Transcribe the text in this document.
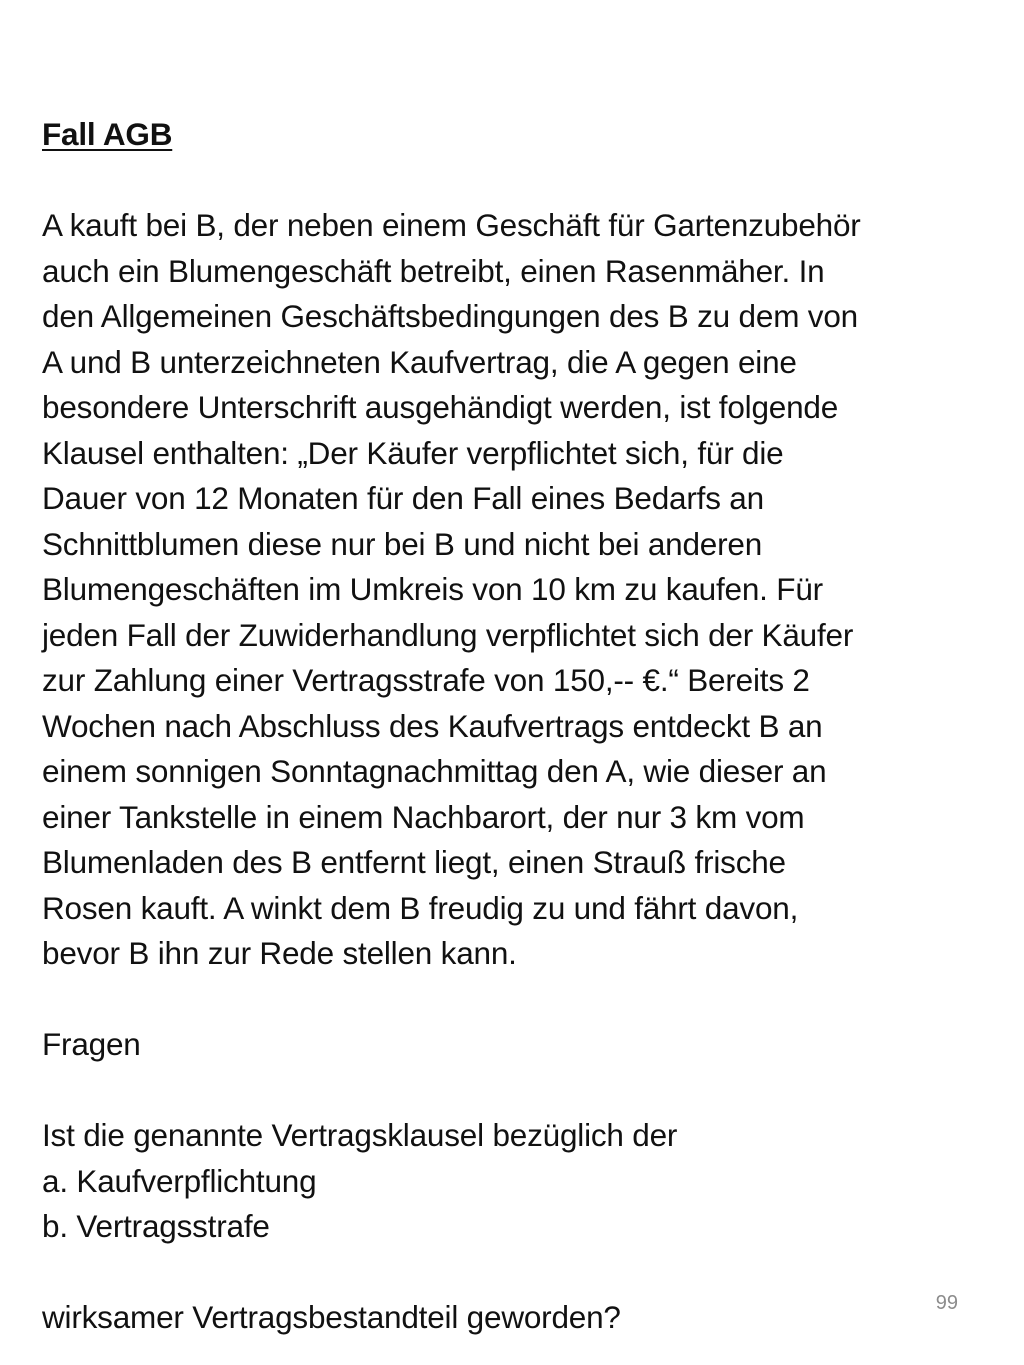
Fall AGB
A kauft bei B, der neben einem Geschäft für Gartenzubehör
auch ein Blumengeschäft betreibt, einen Rasenmäher. In
den Allgemeinen Geschäftsbedingungen des B zu dem von
A und B unterzeichneten Kaufvertrag, die A gegen eine
besondere Unterschrift ausgehändigt werden, ist folgende
Klausel enthalten: „Der Käufer verpflichtet sich, für die
Dauer von 12 Monaten für den Fall eines Bedarfs an
Schnittblumen diese nur bei B und nicht bei anderen
Blumengeschäften im Umkreis von 10 km zu kaufen. Für
jeden Fall der Zuwiderhandlung verpflichtet sich der Käufer
zur Zahlung einer Vertragsstrafe von 150,-- €.“ Bereits 2
Wochen nach Abschluss des Kaufvertrags entdeckt B an
einem sonnigen Sonntagnachmittag den A, wie dieser an
einer Tankstelle in einem Nachbarort, der nur 3 km vom
Blumenladen des B entfernt liegt, einen Strauß frische
Rosen kauft. A winkt dem B freudig zu und fährt davon,
bevor B ihn zur Rede stellen kann.
Fragen
Ist die genannte Vertragsklausel bezüglich der
a. Kaufverpflichtung
b. Vertragsstrafe
wirksamer Vertragsbestandteil geworden?	99
